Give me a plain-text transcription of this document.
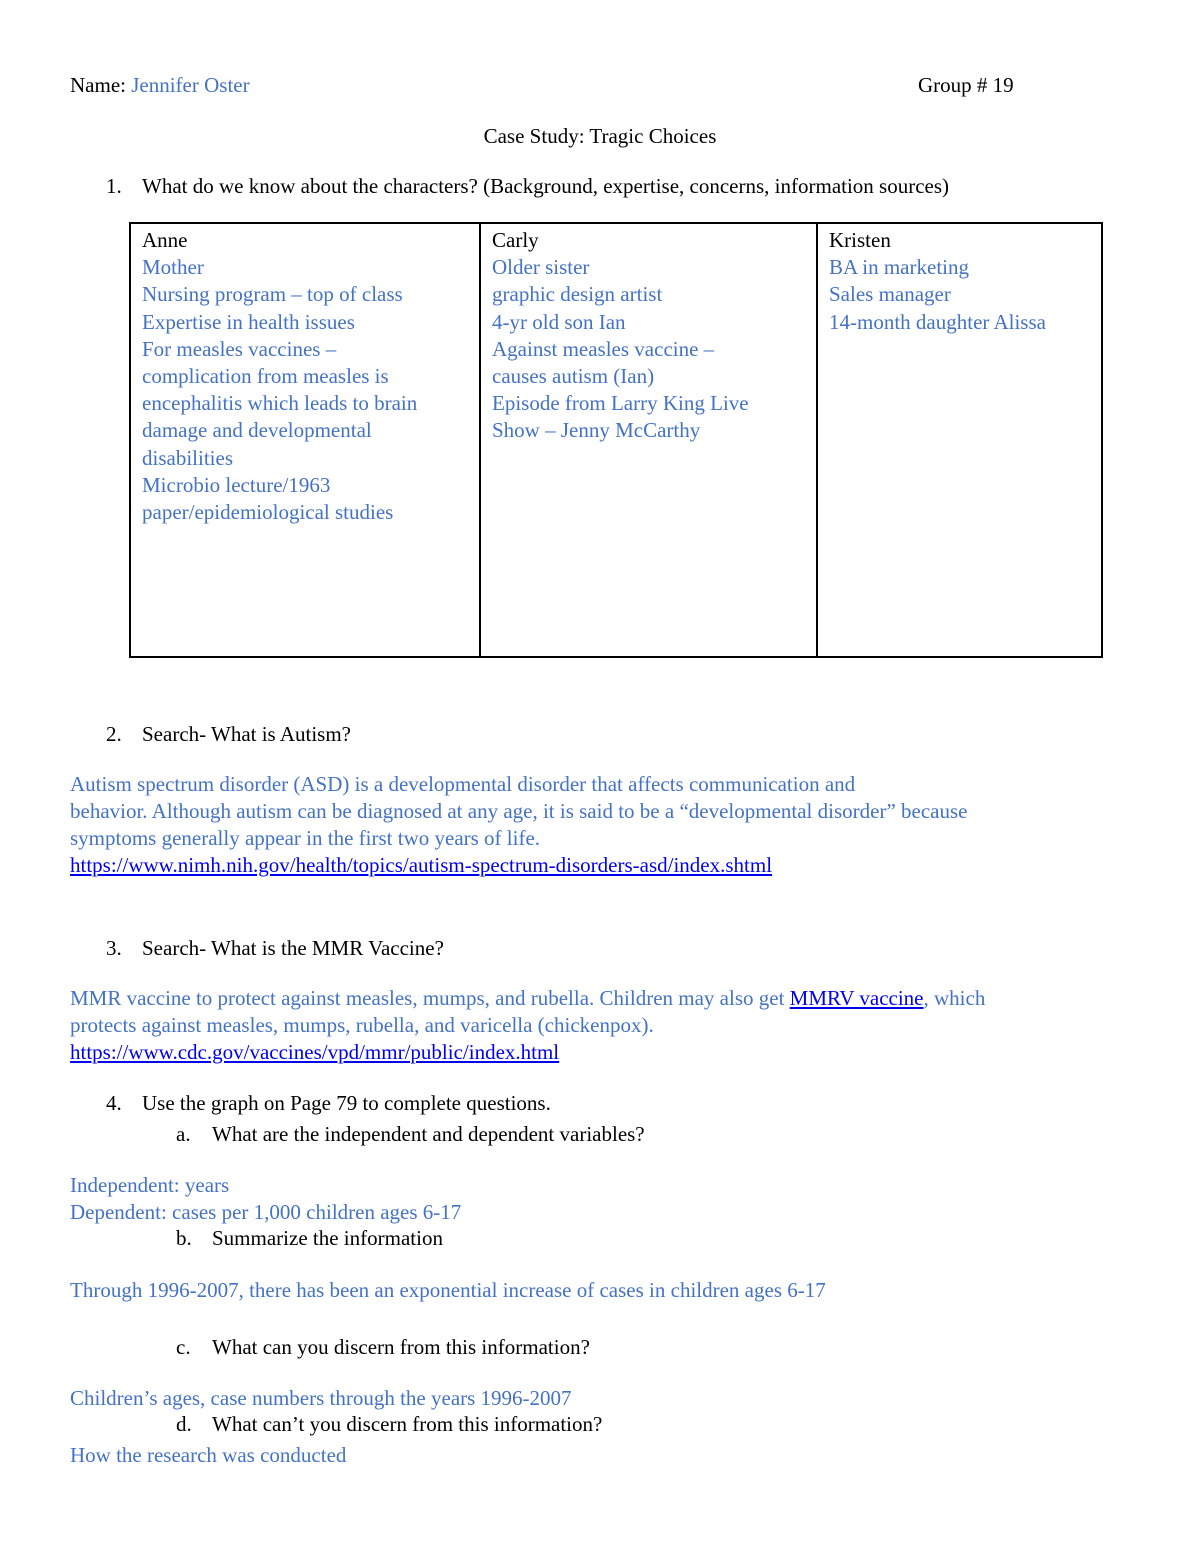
Name: Jennifer Oster	Group # 19
Case Study: Tragic Choices
1. What do we know about the characters? (Background, expertise, concerns, information sources)
Anne
Mother
Nursing program – top of class
Expertise in health issues
For measles vaccines –
complication from measles is
encephalitis which leads to brain
damage and developmental
disabilities
Microbio lecture/1963
paper/epidemiological studies

Carly
Older sister
graphic design artist
4-yr old son Ian
Against measles vaccine –
causes autism (Ian)
Episode from Larry King Live
Show – Jenny McCarthy

Kristen
BA in marketing
Sales manager
14-month daughter Alissa
2. Search- What is Autism?
Autism spectrum disorder (ASD) is a developmental disorder that affects communication and
behavior. Although autism can be diagnosed at any age, it is said to be a “developmental disorder” because
symptoms generally appear in the first two years of life.
https://www.nimh.nih.gov/health/topics/autism-spectrum-disorders-asd/index.shtml
3. Search- What is the MMR Vaccine?
MMR vaccine to protect against measles, mumps, and rubella. Children may also get MMRV vaccine, which
protects against measles, mumps, rubella, and varicella (chickenpox).
https://www.cdc.gov/vaccines/vpd/mmr/public/index.html
4. Use the graph on Page 79 to complete questions.
a. What are the independent and dependent variables?
Independent: years
Dependent: cases per 1,000 children ages 6-17
b. Summarize the information
Through 1996-2007, there has been an exponential increase of cases in children ages 6-17
c. What can you discern from this information?
Children’s ages, case numbers through the years 1996-2007
d. What can’t you discern from this information?
How the research was conducted
